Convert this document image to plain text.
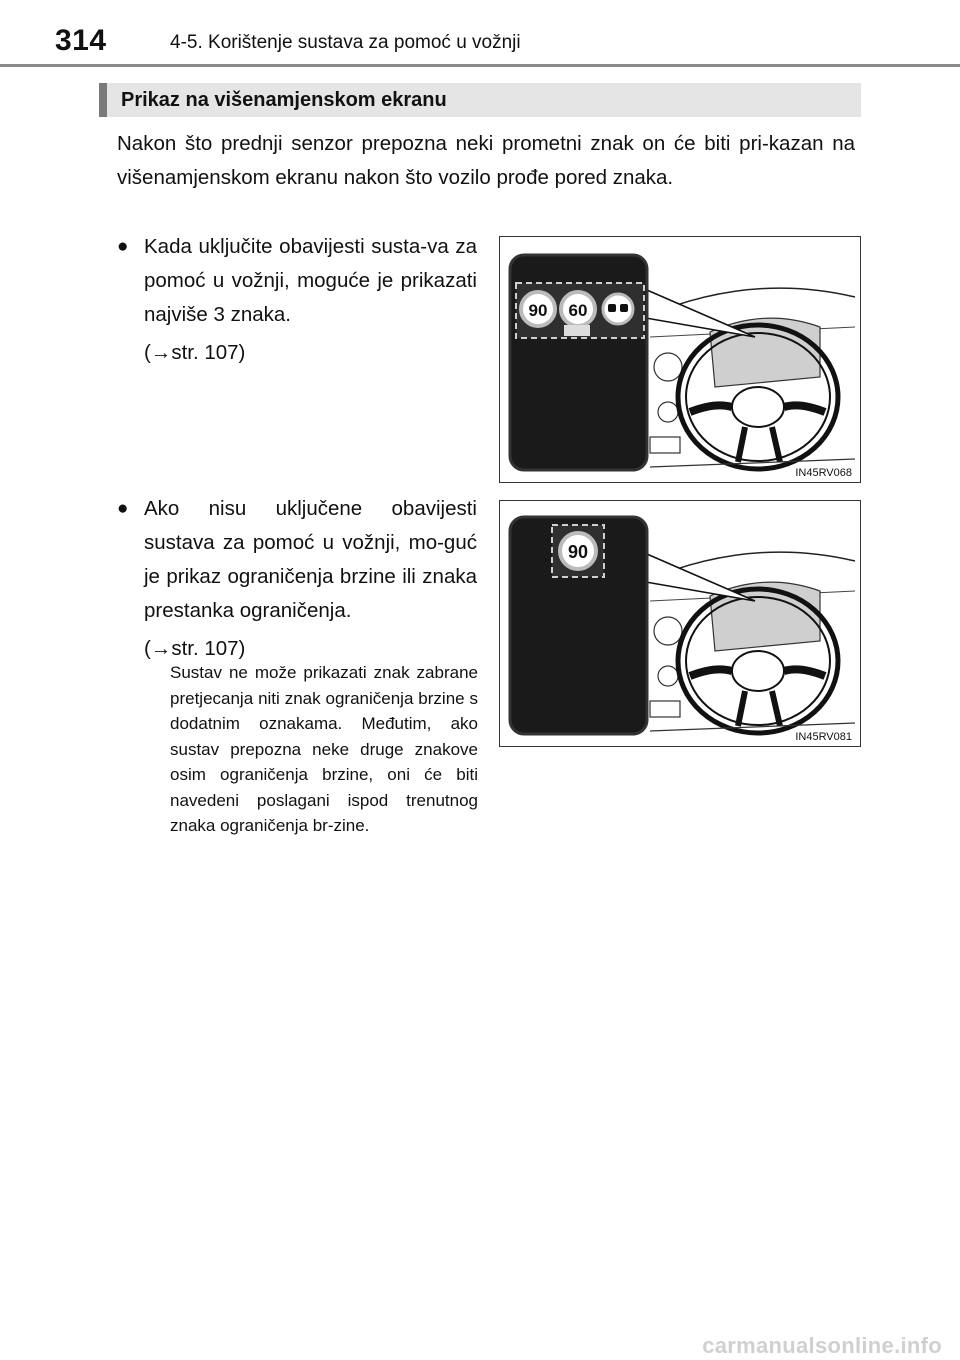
314	4-5. Korištenje sustava za pomoć u vožnji
Prikaz na višenamjenskom ekranu

Nakon što prednji senzor prepozna neki prometni znak on će biti pri-kazan na višenamjenskom ekranu nakon što vozilo prođe pored znaka.

● Kada uključite obavijesti susta-va za pomoć u vožnji, moguće je prikazati najviše 3 znaka.

(→str. 107)

● Ako nisu uključene obavijesti sustava za pomoć u vožnji, mo-guć je prikaz ograničenja brzine ili znaka prestanka ograničenja.

(→str. 107)

Sustav ne može prikazati znak zabrane pretjecanja niti znak ograničenja brzine s dodatnim oznakama. Međutim, ako sustav prepozna neke druge znakove osim ograničenja brzine, oni će biti navedeni poslagani ispod trenutnog znaka ograničenja br-zine.

90 60
IN45RV068
90
IN45RV081
carmanualsonline.info
